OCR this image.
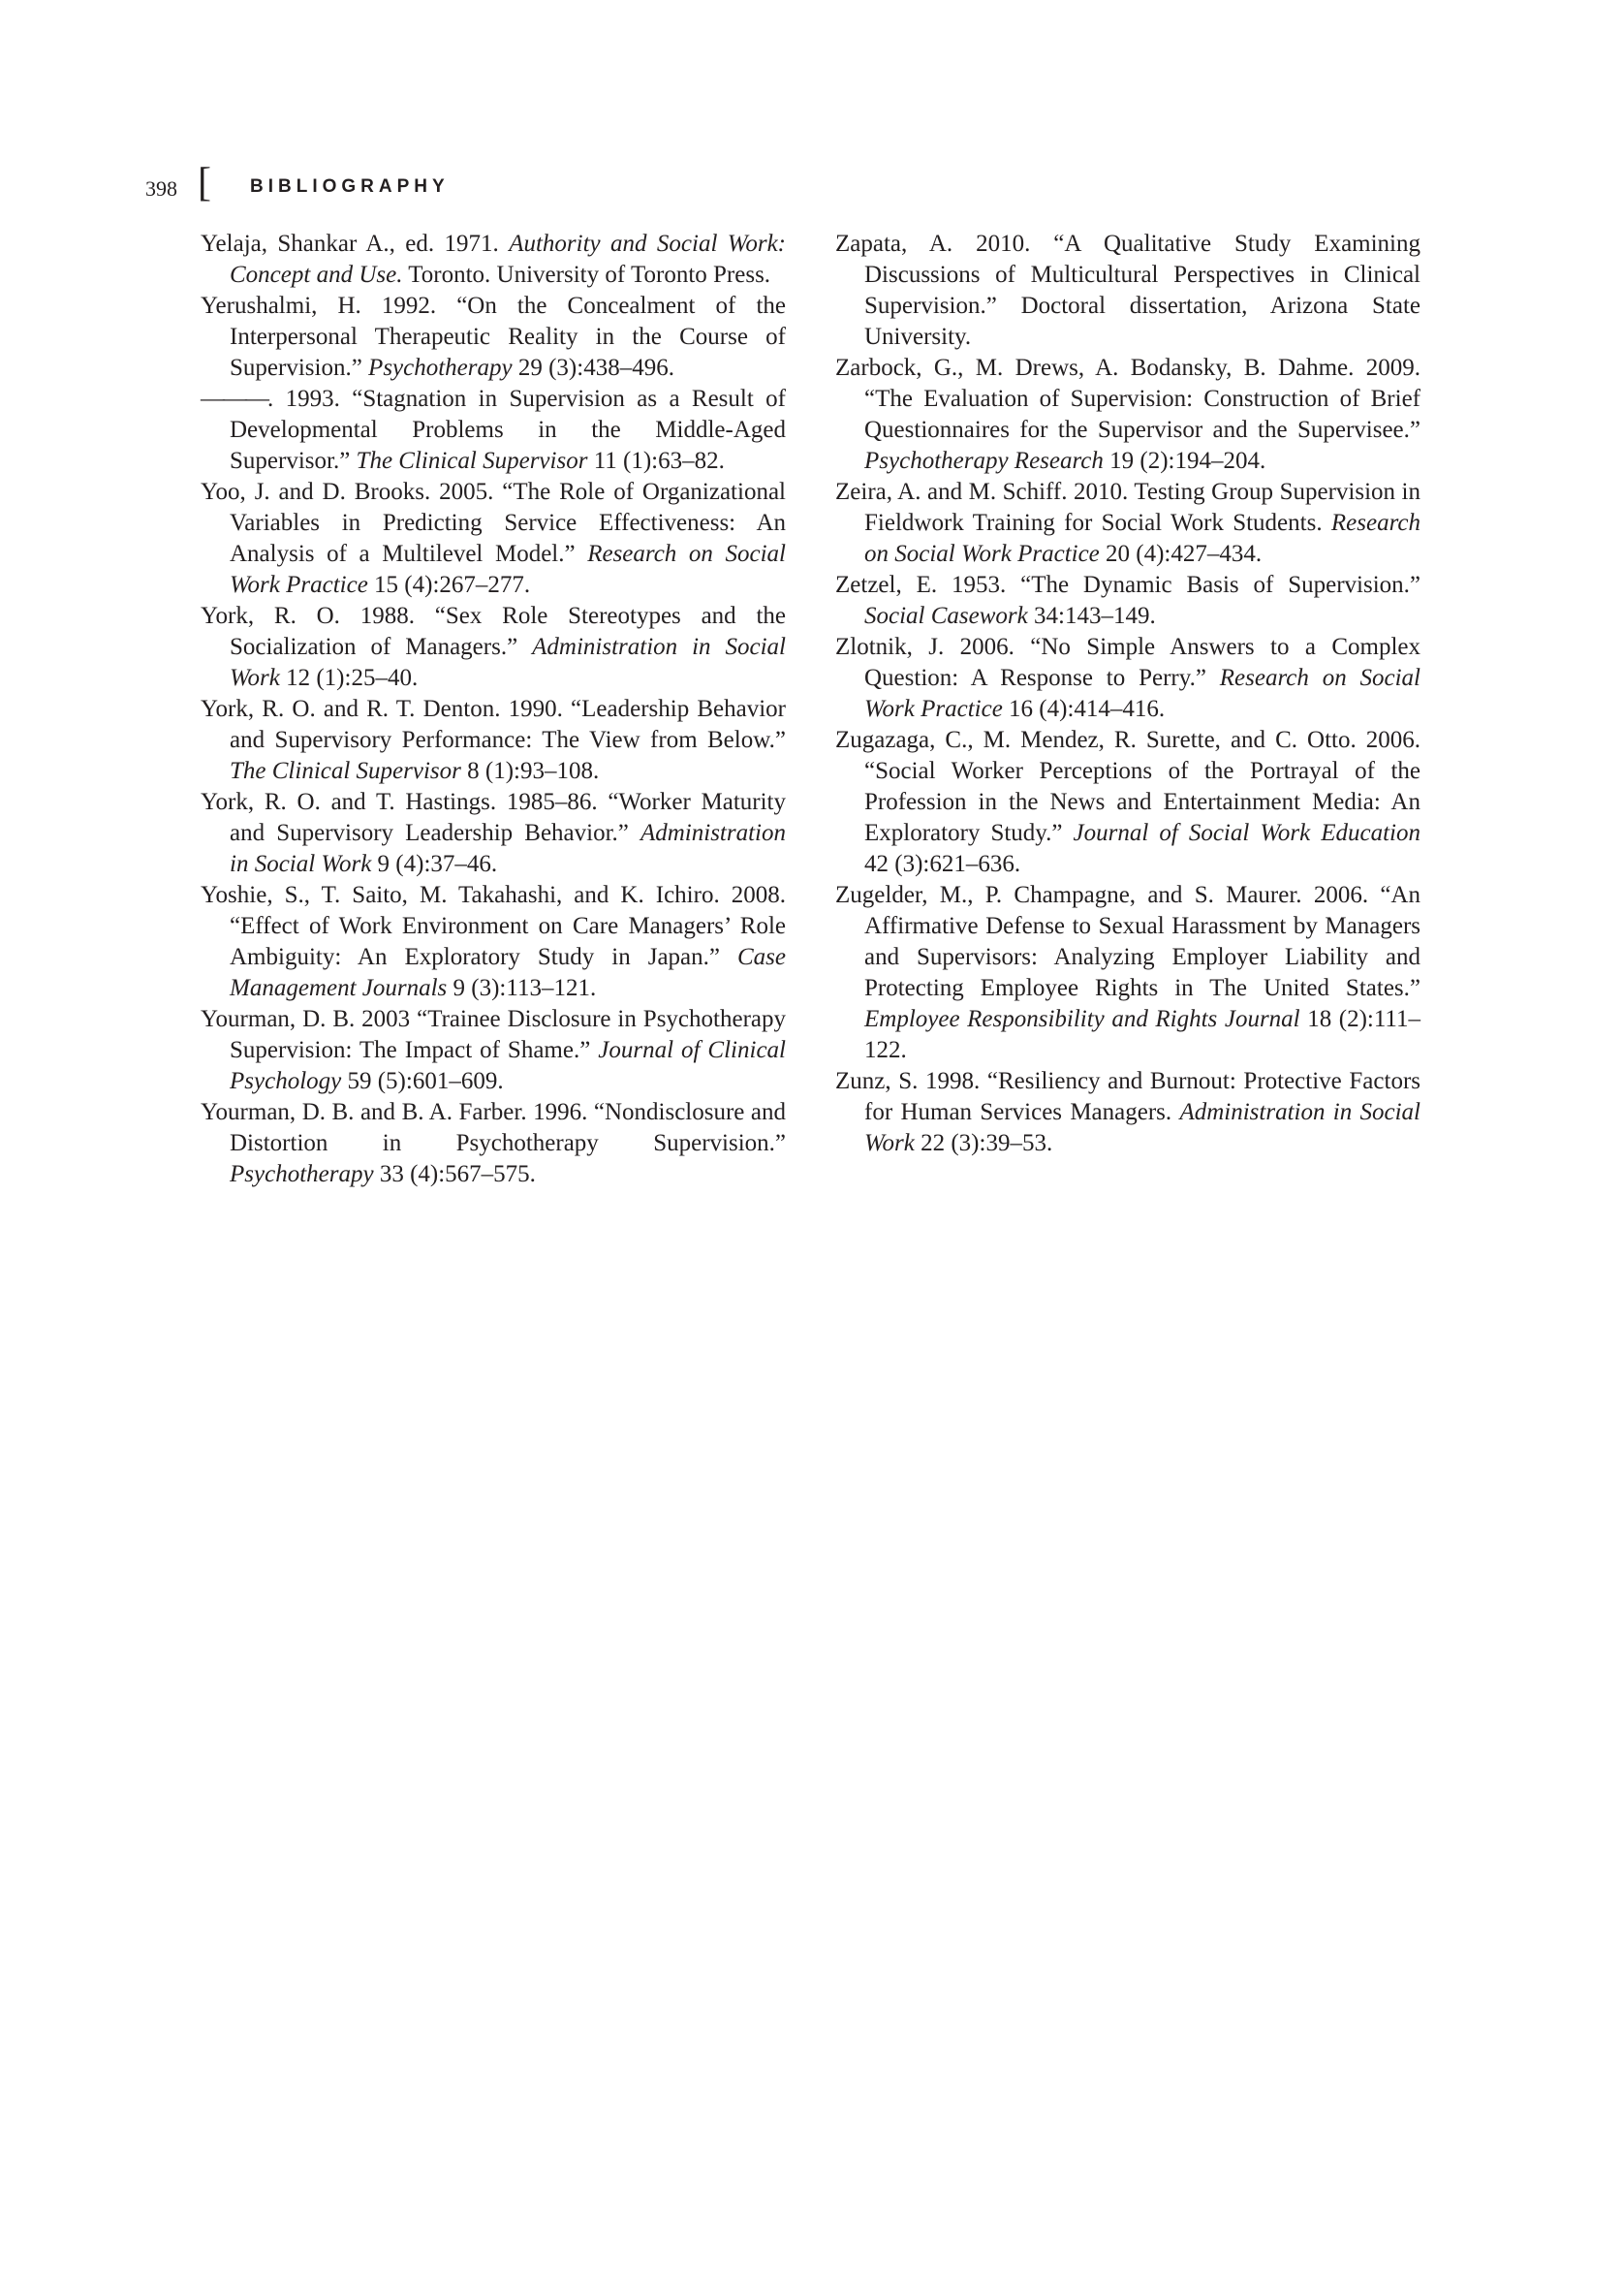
398 [ BIBLIOGRAPHY

Yelaja, Shankar A., ed. 1971. Authority and Social Work: Concept and Use. Toronto. University of Toronto Press.

Yerushalmi, H. 1992. “On the Concealment of the Interpersonal Therapeutic Reality in the Course of Supervision.” Psychotherapy 29 (3):438–496.

———. 1993. “Stagnation in Supervision as a Result of Developmental Problems in the Middle-Aged Supervisor.” The Clinical Supervisor 11 (1):63–82.

Yoo, J. and D. Brooks. 2005. “The Role of Organizational Variables in Predicting Service Effectiveness: An Analysis of a Multilevel Model.” Research on Social Work Practice 15 (4):267–277.

York, R. O. 1988. “Sex Role Stereotypes and the Socialization of Managers.” Administration in Social Work 12 (1):25–40.

York, R. O. and R. T. Denton. 1990. “Leadership Behavior and Supervisory Performance: The View from Below.” The Clinical Supervisor 8 (1):93–108.

York, R. O. and T. Hastings. 1985–86. “Worker Maturity and Supervisory Leadership Behavior.” Administration in Social Work 9 (4):37–46.

Yoshie, S., T. Saito, M. Takahashi, and K. Ichiro. 2008. “Effect of Work Environment on Care Managers’ Role Ambiguity: An Exploratory Study in Japan.” Case Management Journals 9 (3):113–121.

Yourman, D. B. 2003 “Trainee Disclosure in Psychotherapy Supervision: The Impact of Shame.” Journal of Clinical Psychology 59 (5):601–609.

Yourman, D. B. and B. A. Farber. 1996. “Nondisclosure and Distortion in Psychotherapy Supervision.” Psychotherapy 33 (4):567–575.

Zapata, A. 2010. “A Qualitative Study Examining Discussions of Multicultural Perspectives in Clinical Supervision.” Doctoral dissertation, Arizona State University.

Zarbock, G., M. Drews, A. Bodansky, B. Dahme. 2009. “The Evaluation of Supervision: Construction of Brief Questionnaires for the Supervisor and the Supervisee.” Psychotherapy Research 19 (2):194–204.

Zeira, A. and M. Schiff. 2010. Testing Group Supervision in Fieldwork Training for Social Work Students. Research on Social Work Practice 20 (4):427–434.

Zetzel, E. 1953. “The Dynamic Basis of Supervision.” Social Casework 34:143–149.

Zlotnik, J. 2006. “No Simple Answers to a Complex Question: A Response to Perry.” Research on Social Work Practice 16 (4):414–416.

Zugazaga, C., M. Mendez, R. Surette, and C. Otto. 2006. “Social Worker Perceptions of the Portrayal of the Profession in the News and Entertainment Media: An Exploratory Study.” Journal of Social Work Education 42 (3):621–636.

Zugelder, M., P. Champagne, and S. Maurer. 2006. “An Affirmative Defense to Sexual Harassment by Managers and Supervisors: Analyzing Employer Liability and Protecting Employee Rights in The United States.” Employee Responsibility and Rights Journal 18 (2):111–122.

Zunz, S. 1998. “Resiliency and Burnout: Protective Factors for Human Services Managers. Administration in Social Work 22 (3):39–53.
